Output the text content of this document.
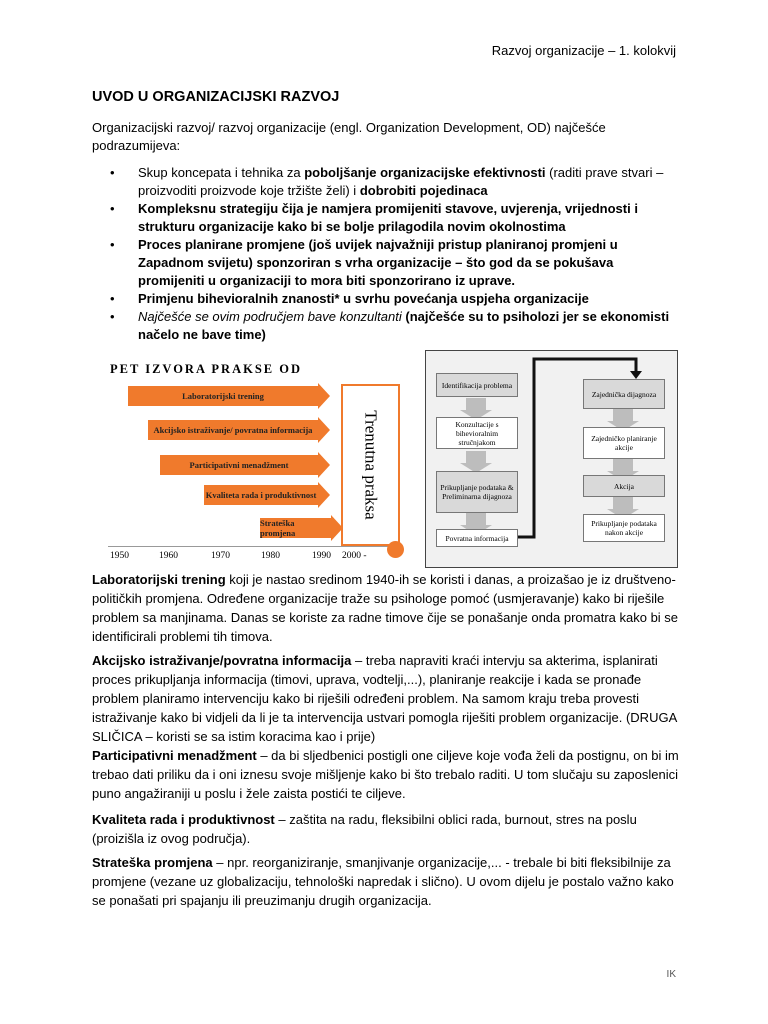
Razvoj organizacije – 1. kolokvij
UVOD U ORGANIZACIJSKI RAZVOJ
Organizacijski razvoj/ razvoj organizacije (engl. Organization Development, OD) najčešće podrazumijeva:
• Skup koncepata i tehnika za poboljšanje organizacijske efektivnosti (raditi prave stvari – proizvoditi proizvode koje tržište želi) i dobrobiti pojedinaca
• Kompleksnu strategiju čija je namjera promijeniti stavove, uvjerenja, vrijednosti i strukturu organizacije kako bi se bolje prilagodila novim okolnostima
• Proces planirane promjene (još uvijek najvažniji pristup planiranoj promjeni u Zapadnom svijetu) sponzoriran s vrha organizacije – što god da se pokušava promijeniti u organizaciji to mora biti sponzorirano iz uprave.
• Primjenu bihevioralnih znanosti* u svrhu povećanja uspjeha organizacije
• Najčešće se ovim područjem bave konzultanti (najčešće su to psiholozi jer se ekonomisti načelo ne bave time)
PET IZVORA PRAKSE OD
Laboratorijski trening
Akcijsko istraživanje/ povratna informacija
Participativni menadžment
Kvaliteta rada i produktivnost
Strateška promjena
Trenutna praksa
1950	1960	1970	1980	1990 2000 -
Identifikacija problema
Konzultacije s bihevioralnim stručnjakom
Prikupljanje podataka & Preliminarna dijagnoza
Povratna informacija
Zajednička dijagnoza
Zajedničko planiranje akcije
Akcija
Prikupljanje podataka nakon akcije

Laboratorijski trening koji je nastao sredinom 1940-ih se koristi i danas, a proizašao je iz društveno-političkih promjena. Određene organizacije traže su psihologe pomoć (usmjeravanje) kako bi riješile problem sa manjinama. Danas se koriste za radne timove čije se ponašanje onda promatra kako bi se identificirali problemi tih timova.

Akcijsko istraživanje/povratna informacija – treba napraviti kraći intervju sa akterima, isplanirati proces prikupljanja informacija (timovi, uprava, vodtelji,...), planiranje reakcije i kada se pronađe problem planiramo intervenciju kako bi riješili određeni problem. Na samom kraju treba provesti istraživanje kako bi vidjeli da li je ta intervencija ustvari pomogla riješiti problem organizacije. (DRUGA SLIČICA – koristi se sa istim koracima kao i prije)

Participativni menadžment – da bi sljedbenici postigli one ciljeve koje vođa želi da postignu, on bi im trebao dati priliku da i oni iznesu svoje mišljenje kako bi što trebalo raditi. U tom slučaju su zaposlenici puno angažiraniji u poslu i žele zaista postići te ciljeve.

Kvaliteta rada i produktivnost – zaštita na radu, fleksibilni oblici rada, burnout, stres na poslu (proizišla iz ovog područja).

Strateška promjena – npr. reorganiziranje, smanjivanje organizacije,... - trebale bi biti fleksibilnije za promjene (vezane uz globalizaciju, tehnološki napredak i slično). U ovom dijelu je postalo važno kako se ponašati pri spajanju ili preuzimanju drugih organizacija.

IK
